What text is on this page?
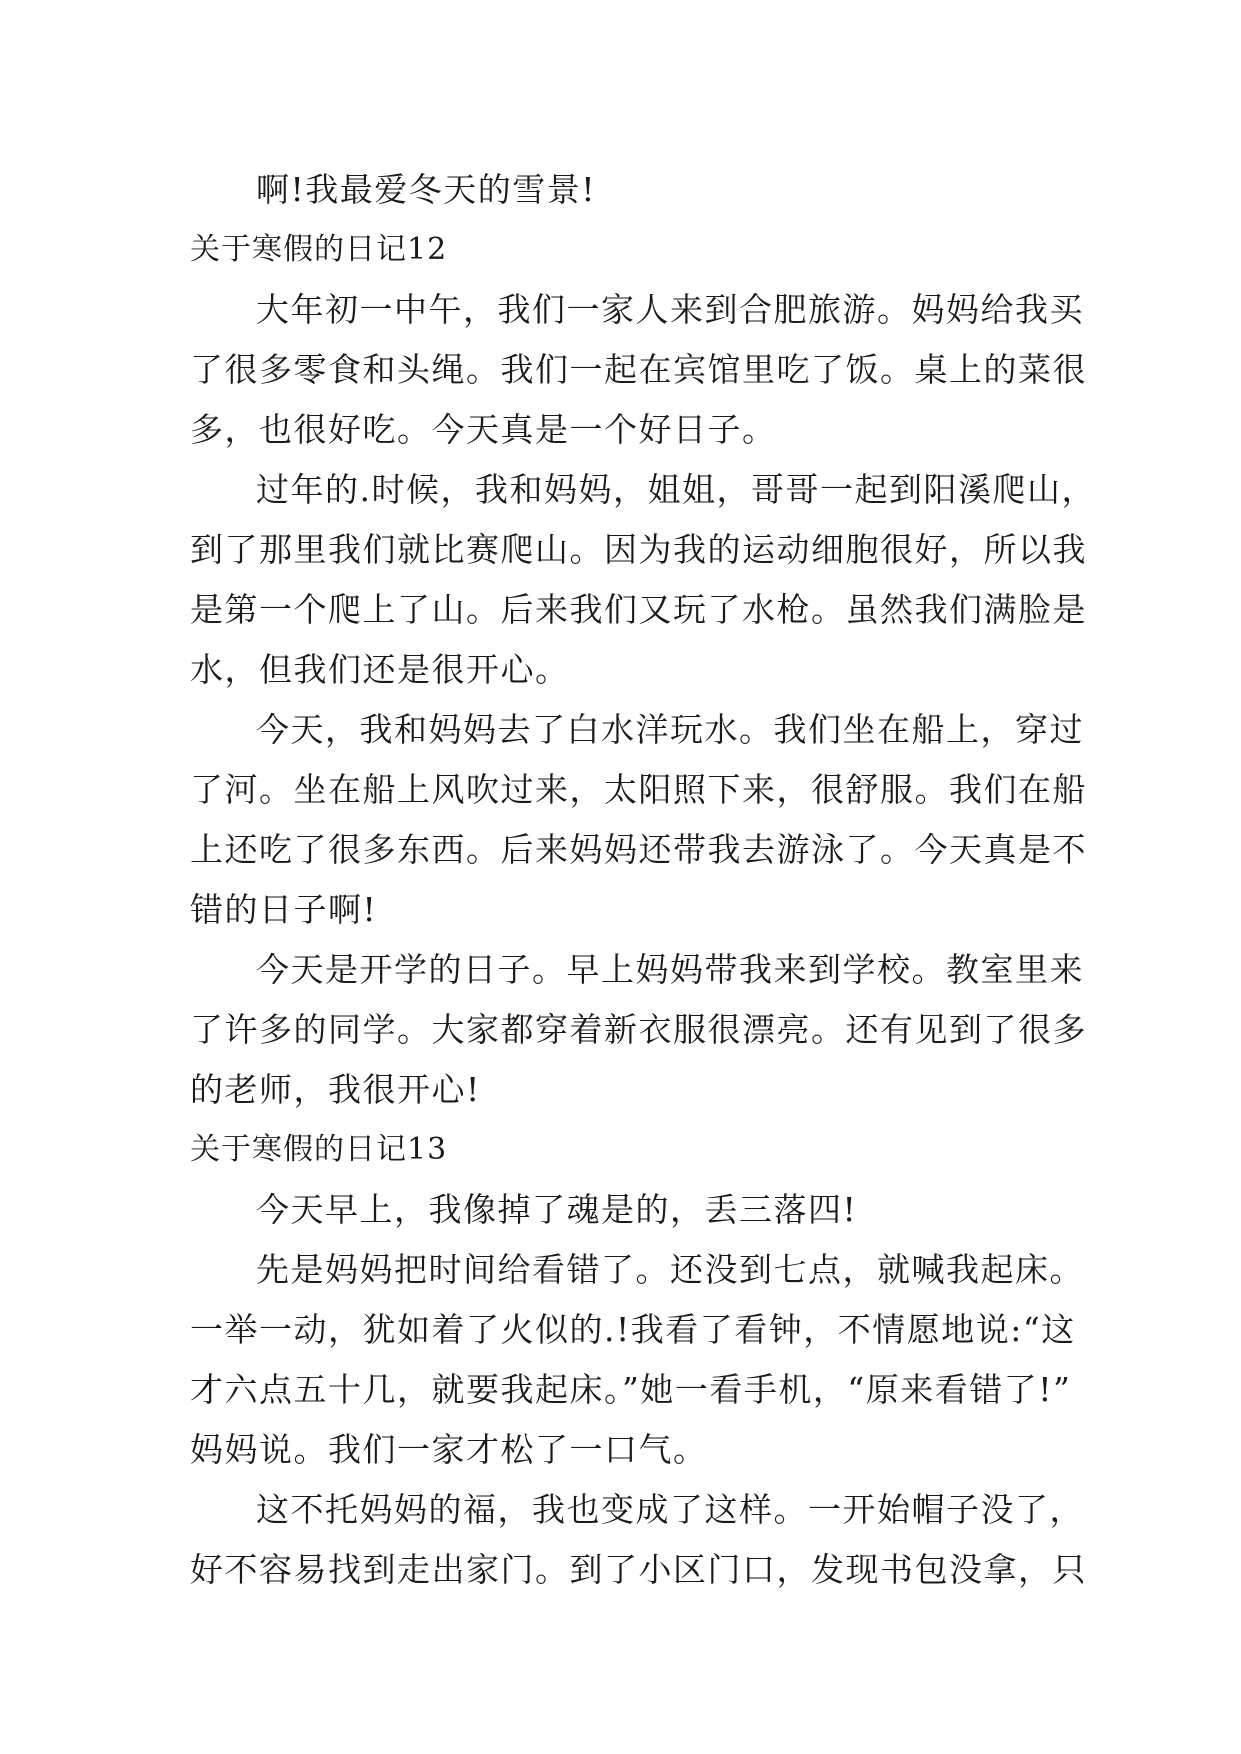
啊!我最爱冬天的雪景!
关于寒假的日记12
大年初一中午，我们一家人来到合肥旅游。妈妈给我买
了很多零食和头绳。我们一起在宾馆里吃了饭。桌上的菜很
多，也很好吃。今天真是一个好日子。
过年的.时候，我和妈妈，姐姐，哥哥一起到阳溪爬山，
到了那里我们就比赛爬山。因为我的运动细胞很好，所以我
是第一个爬上了山。后来我们又玩了水枪。虽然我们满脸是
水，但我们还是很开心。
今天，我和妈妈去了白水洋玩水。我们坐在船上，穿过
了河。坐在船上风吹过来，太阳照下来，很舒服。我们在船
上还吃了很多东西。后来妈妈还带我去游泳了。今天真是不
错的日子啊!
今天是开学的日子。早上妈妈带我来到学校。教室里来
了许多的同学。大家都穿着新衣服很漂亮。还有见到了很多
的老师，我很开心!
关于寒假的日记13
今天早上，我像掉了魂是的，丢三落四!
先是妈妈把时间给看错了。还没到七点，就喊我起床。
一举一动，犹如着了火似的.!我看了看钟，不情愿地说:“这
才六点五十几，就要我起床。”她一看手机，“原来看错了!”
妈妈说。我们一家才松了一口气。
这不托妈妈的福，我也变成了这样。一开始帽子没了，
好不容易找到走出家门。到了小区门口，发现书包没拿，只
